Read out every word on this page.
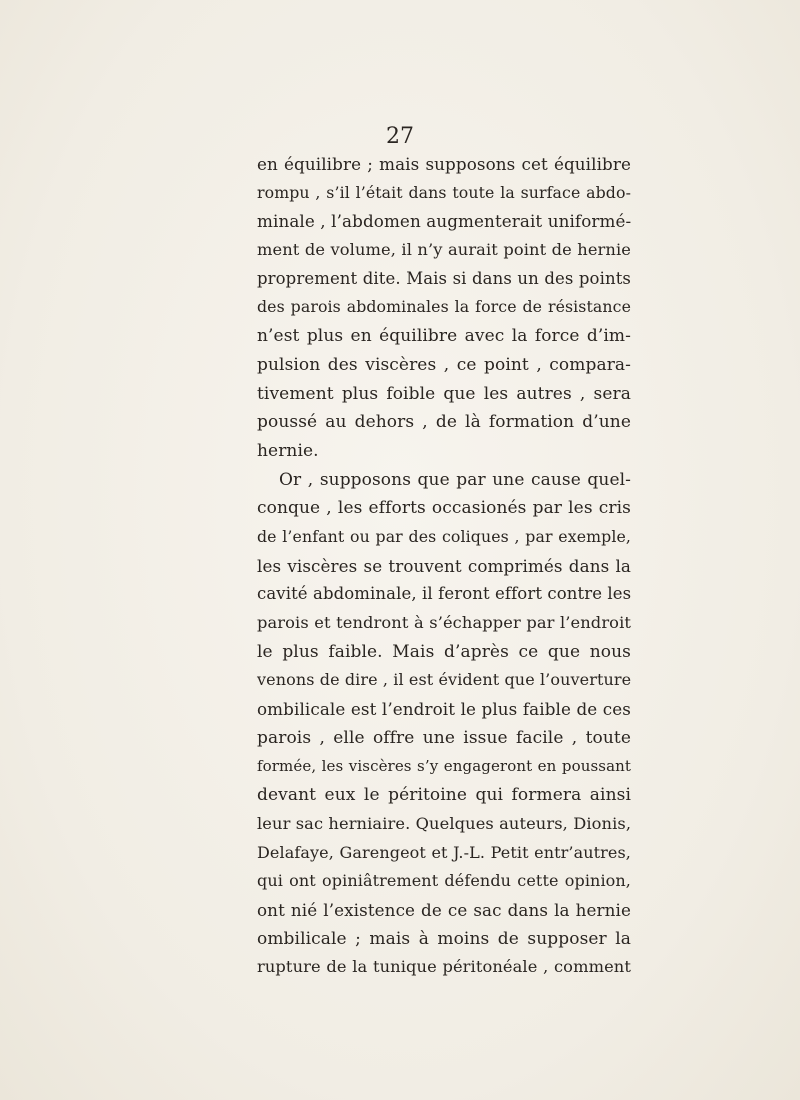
27

en équilibre ; mais supposons cet équilibre
rompu , s’il l’était dans toute la surface abdo-
minale , l’abdomen augmenterait uniformé-
ment de volume, il n’y aurait point de hernie
proprement dite. Mais si dans un des points
des parois abdominales la force de résistance
n’est plus en équilibre avec la force d’im-
pulsion des viscères , ce point , compara-
tivement plus foible que les autres , sera
poussé au dehors , de là formation d’une
hernie.
Or , supposons que par une cause quel-
conque , les efforts occasionés par les cris
de l’enfant ou par des coliques , par exemple,
les viscères se trouvent comprimés dans la
cavité abdominale, il feront effort contre les
parois et tendront à s’échapper par l’endroit
le plus faible. Mais d’après ce que nous
venons de dire , il est évident que l’ouverture
ombilicale est l’endroit le plus faible de ces
parois , elle offre une issue facile , toute
formée, les viscères s’y engageront en poussant
devant eux le péritoine qui formera ainsi
leur sac herniaire. Quelques auteurs, Dionis,
Delafaye, Garengeot et J.-L. Petit entr’autres,
qui ont opiniâtrement défendu cette opinion,
ont nié l’existence de ce sac dans la hernie
ombilicale ; mais à moins de supposer la
rupture de la tunique péritonéale , comment
